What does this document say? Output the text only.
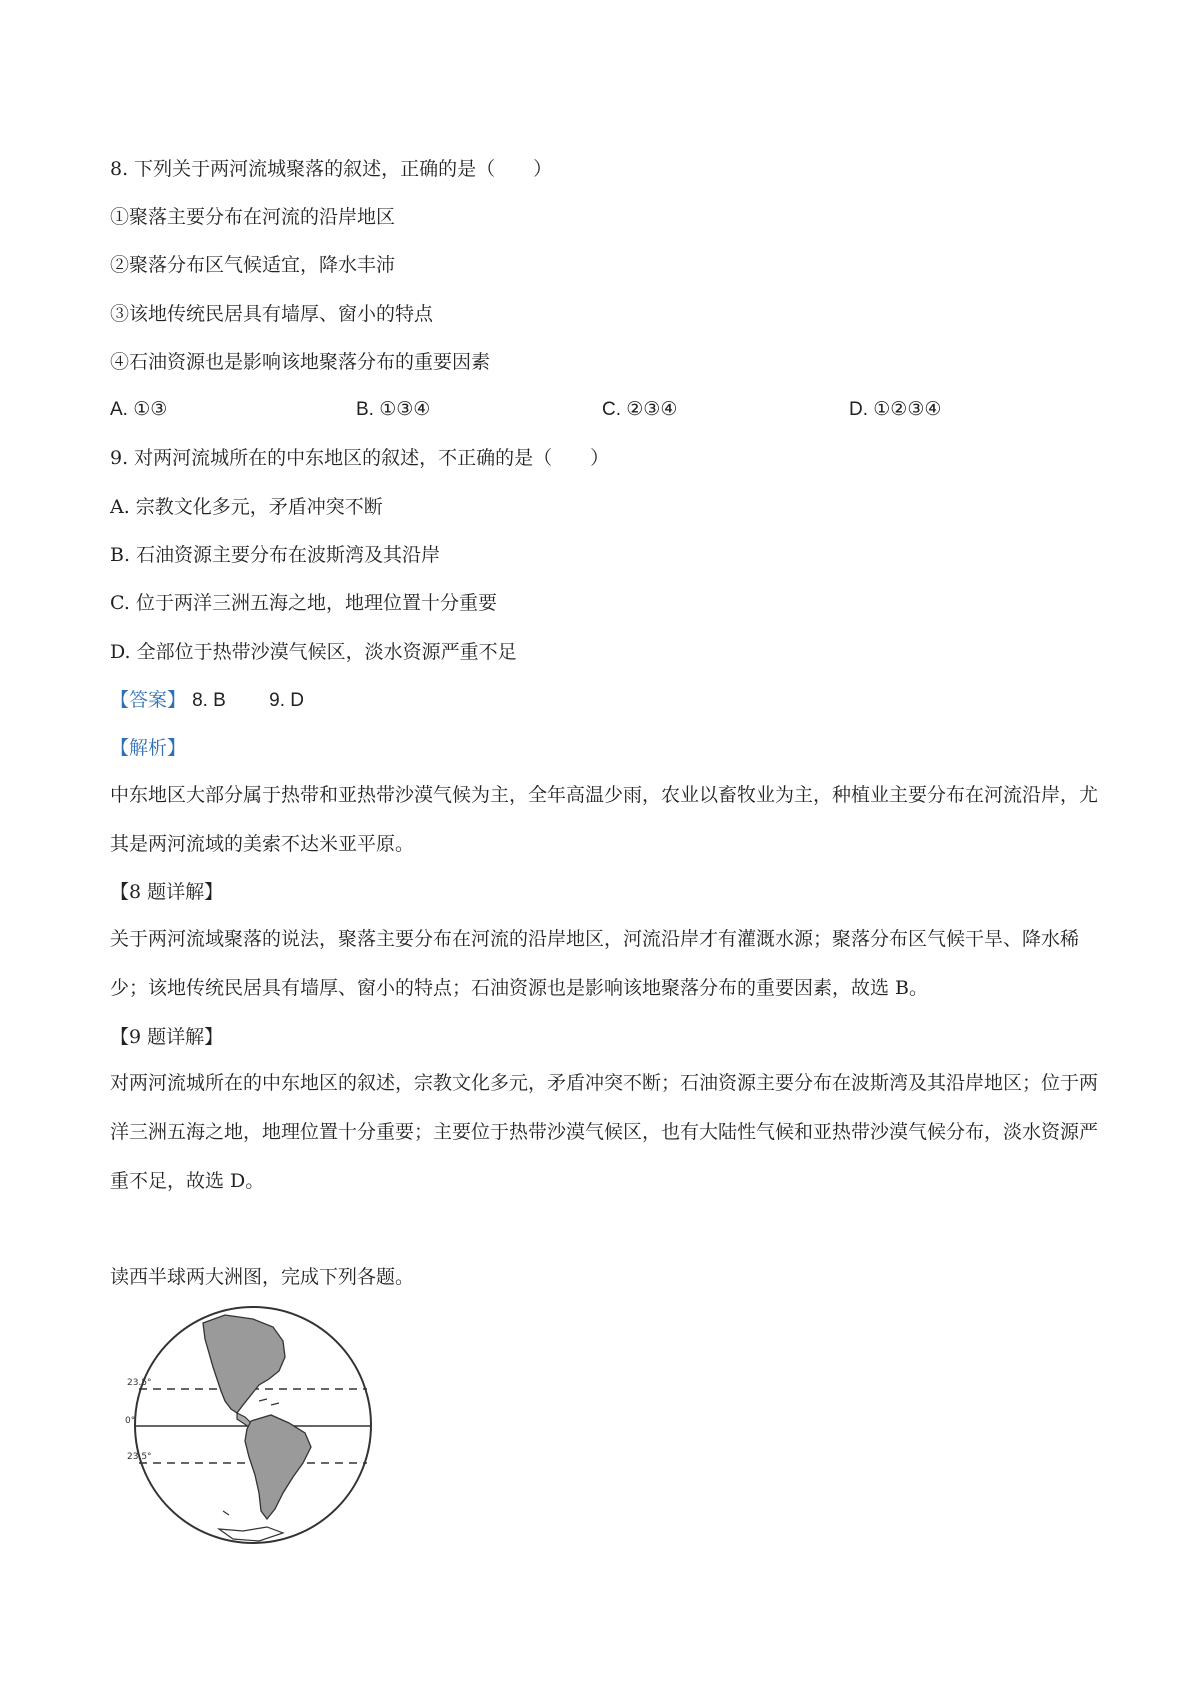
8. 下列关于两河流城聚落的叙述，正确的是（　　）
①聚落主要分布在河流的沿岸地区
②聚落分布区气候适宜，降水丰沛
③该地传统民居具有墙厚、窗小的特点
④石油资源也是影响该地聚落分布的重要因素
A. ①③	B. ①③④	C. ②③④	D. ①②③④
9. 对两河流城所在的中东地区的叙述，不正确的是（　　）
A. 宗教文化多元，矛盾冲突不断
B. 石油资源主要分布在波斯湾及其沿岸
C. 位于两洋三洲五海之地，地理位置十分重要
D. 全部位于热带沙漠气候区，淡水资源严重不足
【答案】 8. B　　 9. D
【解析】
中东地区大部分属于热带和亚热带沙漠气候为主，全年高温少雨，农业以畜牧业为主，种植业主要分布在河流沿岸，尤其是两河流域的美索不达米亚平原。
【8 题详解】
关于两河流域聚落的说法，聚落主要分布在河流的沿岸地区，河流沿岸才有灌溉水源；聚落分布区气候干旱、降水稀少；该地传统民居具有墙厚、窗小的特点；石油资源也是影响该地聚落分布的重要因素，故选 B。
【9 题详解】
对两河流城所在的中东地区的叙述，宗教文化多元，矛盾冲突不断；石油资源主要分布在波斯湾及其沿岸地区；位于两洋三洲五海之地，地理位置十分重要；主要位于热带沙漠气候区，也有大陆性气候和亚热带沙漠气候分布，淡水资源严重不足，故选 D。
读西半球两大洲图，完成下列各题。
23.5°
0°
23.5°
